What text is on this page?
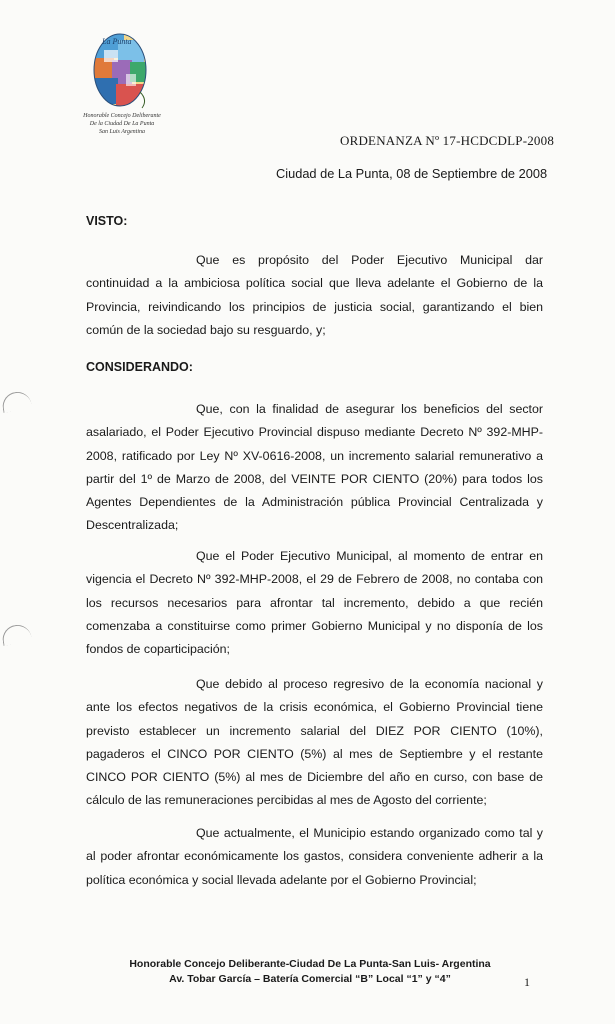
La Punta
Honorable Concejo Deliberante
De la Ciudad De La Punta
San Luis Argentina
ORDENANZA Nº 17-HCDCDLP-2008
Ciudad de La Punta, 08 de Septiembre de 2008
VISTO:

Que es propósito del Poder Ejecutivo Municipal dar continuidad a la ambiciosa política social que lleva adelante el Gobierno de la Provincia, reivindicando los principios de justicia social, garantizando el bien común de la sociedad bajo su resguardo, y;

CONSIDERANDO:

Que, con la finalidad de asegurar los beneficios del sector asalariado, el Poder Ejecutivo Provincial dispuso mediante Decreto Nº 392-MHP-2008, ratificado por Ley Nº XV-0616-2008, un incremento salarial remunerativo a partir del 1º de Marzo de 2008, del VEINTE POR CIENTO (20%) para todos los Agentes Dependientes de la Administración pública Provincial Centralizada y Descentralizada;

Que el Poder Ejecutivo Municipal, al momento de entrar en vigencia el Decreto Nº 392-MHP-2008, el 29 de Febrero de 2008, no contaba con los recursos necesarios para afrontar tal incremento, debido a que recién comenzaba a constituirse como primer Gobierno Municipal y no disponía de los fondos de coparticipación;

Que debido al proceso regresivo de la economía nacional y ante los efectos negativos de la crisis económica, el Gobierno Provincial tiene previsto establecer un incremento salarial del DIEZ POR CIENTO (10%), pagaderos el CINCO POR CIENTO (5%) al mes de Septiembre y el restante CINCO POR CIENTO (5%) al mes de Diciembre del año en curso, con base de cálculo de las remuneraciones percibidas al mes de Agosto del corriente;

Que actualmente, el Municipio estando organizado como tal y al poder afrontar económicamente los gastos, considera conveniente adherir a la política económica y social llevada adelante por el Gobierno Provincial;

Honorable Concejo Deliberante-Ciudad De La Punta-San Luis- Argentina
Av. Tobar García – Batería Comercial “B” Local “1” y “4”	1
